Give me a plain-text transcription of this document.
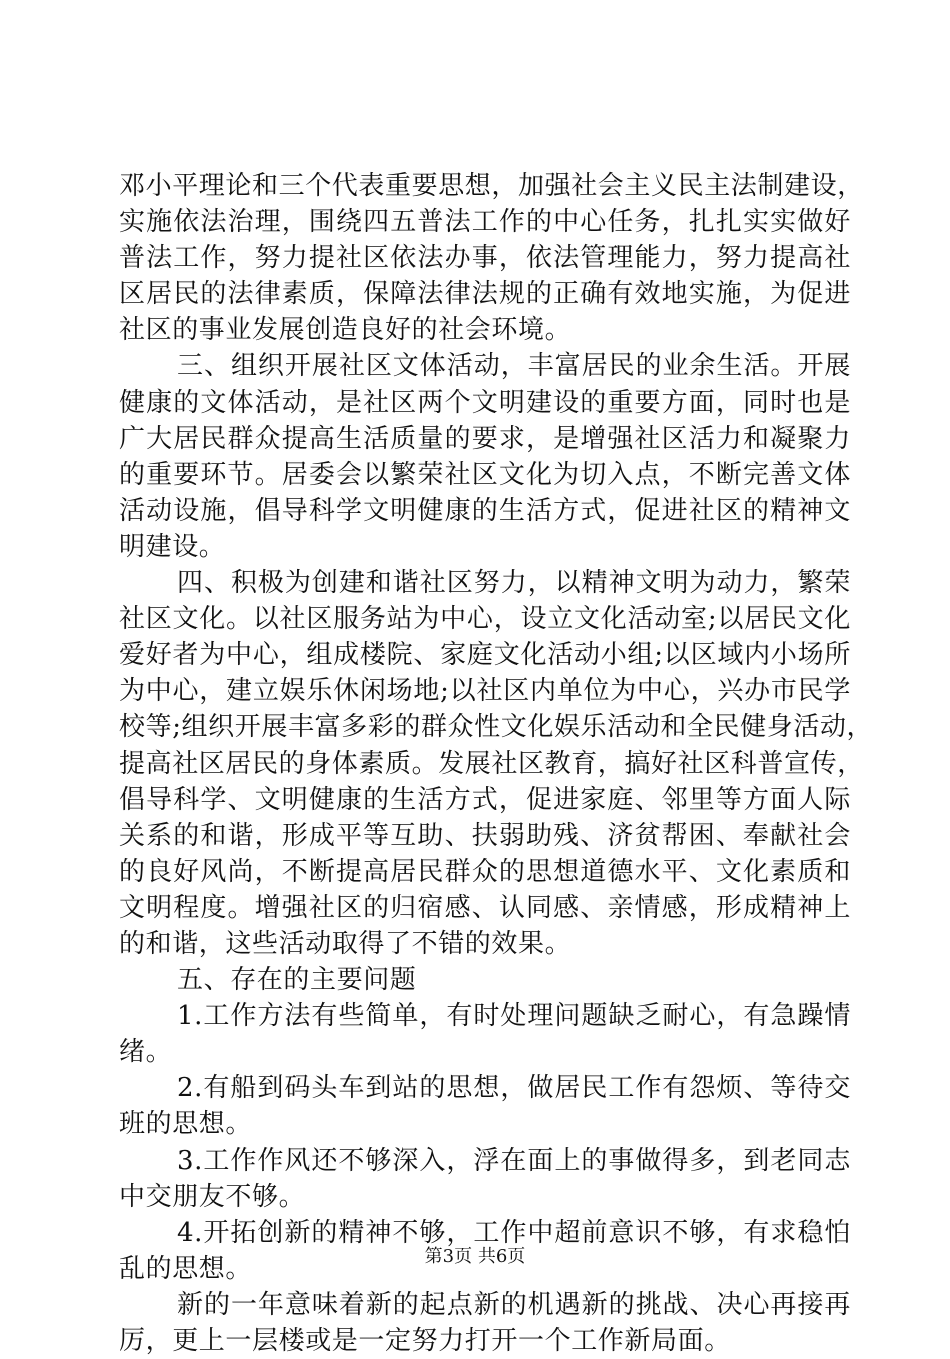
邓小平理论和三个代表重要思想，加强社会主义民主法制建设，
实施依法治理，围绕四五普法工作的中心任务，扎扎实实做好
普法工作，努力提社区依法办事，依法管理能力，努力提高社
区居民的法律素质，保障法律法规的正确有效地实施，为促进
社区的事业发展创造良好的社会环境。
三、组织开展社区文体活动，丰富居民的业余生活。开展
健康的文体活动，是社区两个文明建设的重要方面，同时也是
广大居民群众提高生活质量的要求，是增强社区活力和凝聚力
的重要环节。居委会以繁荣社区文化为切入点，不断完善文体
活动设施，倡导科学文明健康的生活方式，促进社区的精神文
明建设。
四、积极为创建和谐社区努力，以精神文明为动力，繁荣
社区文化。以社区服务站为中心，设立文化活动室;以居民文化
爱好者为中心，组成楼院、家庭文化活动小组;以区域内小场所
为中心，建立娱乐休闲场地;以社区内单位为中心，兴办市民学
校等;组织开展丰富多彩的群众性文化娱乐活动和全民健身活动，
提高社区居民的身体素质。发展社区教育，搞好社区科普宣传，
倡导科学、文明健康的生活方式，促进家庭、邻里等方面人际
关系的和谐，形成平等互助、扶弱助残、济贫帮困、奉献社会
的良好风尚，不断提高居民群众的思想道德水平、文化素质和
文明程度。增强社区的归宿感、认同感、亲情感，形成精神上
的和谐，这些活动取得了不错的效果。
五、存在的主要问题
1.工作方法有些简单，有时处理问题缺乏耐心，有急躁情
绪。
2.有船到码头车到站的思想，做居民工作有怨烦、等待交
班的思想。
3.工作作风还不够深入，浮在面上的事做得多，到老同志
中交朋友不够。
4.开拓创新的精神不够，工作中超前意识不够，有求稳怕
乱的思想。
新的一年意味着新的起点新的机遇新的挑战、决心再接再
厉，更上一层楼或是一定努力打开一个工作新局面。
第3页 共6页
